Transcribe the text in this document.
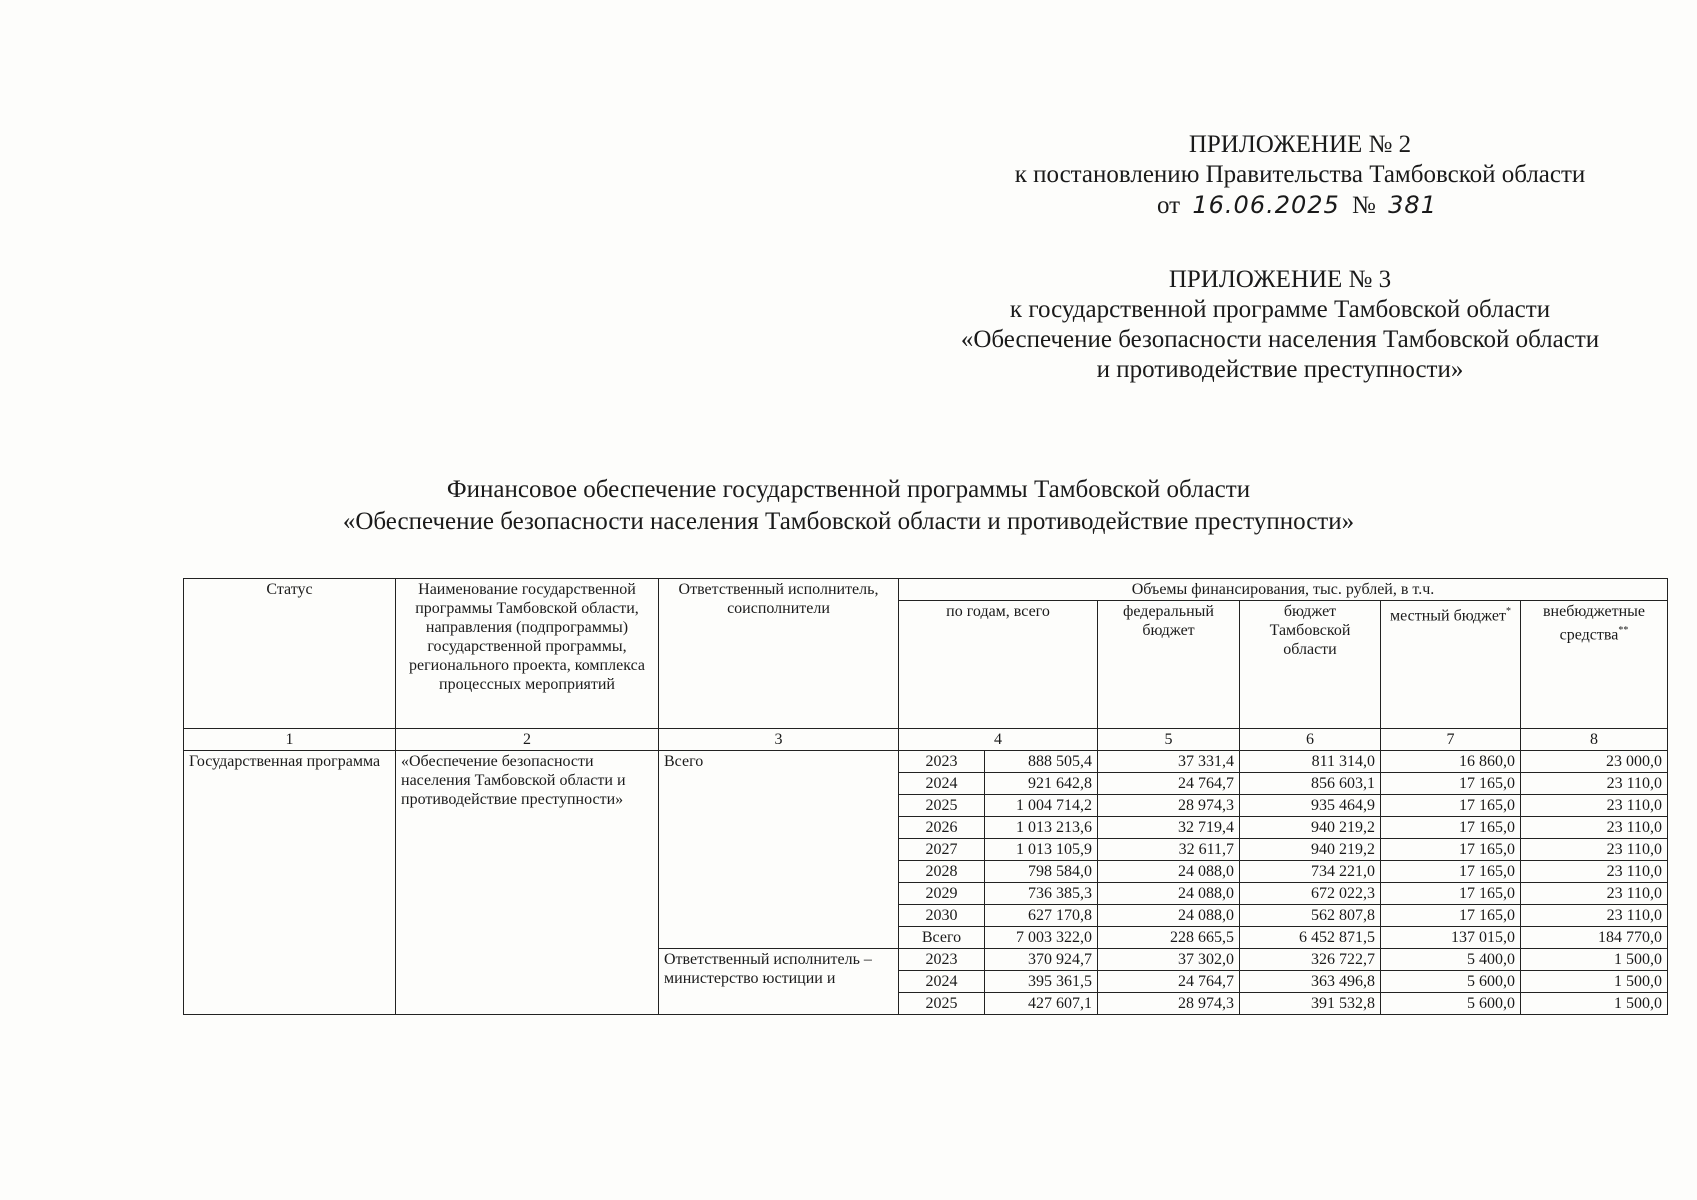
ПРИЛОЖЕНИЕ № 2
к постановлению Правительства Тамбовской области
от 16.06.2025 № 381
ПРИЛОЖЕНИЕ № 3
к государственной программе Тамбовской области
«Обеспечение безопасности населения Тамбовской области
и противодействие преступности»
Финансовое обеспечение государственной программы Тамбовской области
«Обеспечение безопасности населения Тамбовской области и противодействие преступности»
Статус	Наименование государственной программы Тамбовской области, направления (подпрограммы) государственной программы, регионального проекта, комплекса процессных мероприятий	Ответственный исполнитель, соисполнители	Объемы финансирования, тыс. рублей, в т.ч.					
			по годам, всего		федеральный бюджет	бюджет Тамбовской области	местный бюджет*	внебюджетные средства**
1	2	3	4		5	6	7	8
Государственная программа	«Обеспечение безопасности населения Тамбовской области и противодействие преступности»	Всего	2023	888 505,4	37 331,4	811 314,0	16 860,0	23 000,0
			2024	921 642,8	24 764,7	856 603,1	17 165,0	23 110,0
			2025	1 004 714,2	28 974,3	935 464,9	17 165,0	23 110,0
			2026	1 013 213,6	32 719,4	940 219,2	17 165,0	23 110,0
			2027	1 013 105,9	32 611,7	940 219,2	17 165,0	23 110,0
			2028	798 584,0	24 088,0	734 221,0	17 165,0	23 110,0
			2029	736 385,3	24 088,0	672 022,3	17 165,0	23 110,0
			2030	627 170,8	24 088,0	562 807,8	17 165,0	23 110,0
			Всего	7 003 322,0	228 665,5	6 452 871,5	137 015,0	184 770,0
		Ответственный исполнитель – министерство юстиции и	2023	370 924,7	37 302,0	326 722,7	5 400,0	1 500,0
			2024	395 361,5	24 764,7	363 496,8	5 600,0	1 500,0
			2025	427 607,1	28 974,3	391 532,8	5 600,0	1 500,0
